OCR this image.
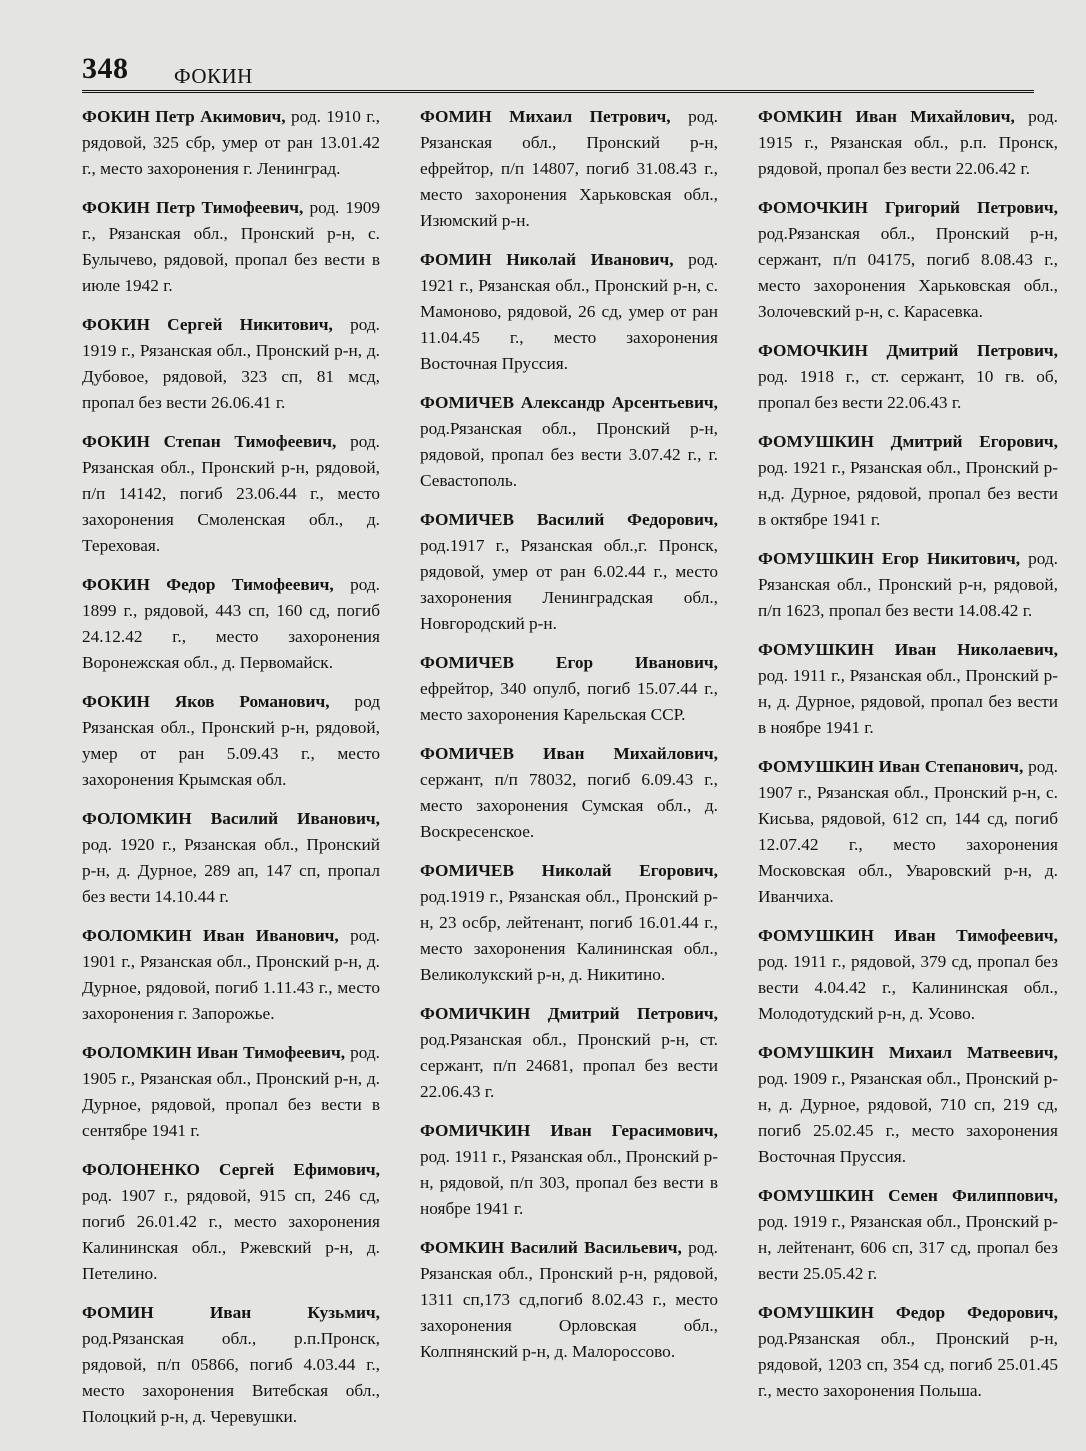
348 ФОКИН

ФОКИН Петр Акимович, род. 1910 г., рядовой, 325 сбр, умер от ран 13.01.42 г., место захоронения г. Ленинград.

ФОКИН Петр Тимофеевич, род. 1909 г., Рязанская обл., Пронский р-н, с. Булычево, рядовой, пропал без вести в июле 1942 г.

ФОКИН Сергей Никитович, род. 1919 г., Рязанская обл., Пронский р-н, д. Дубовое, рядовой, 323 сп, 81 мсд, пропал без вести 26.06.41 г.

ФОКИН Степан Тимофеевич, род. Рязанская обл., Пронский р-н, рядовой, п/п 14142, погиб 23.06.44 г., место захоронения Смоленская обл., д. Тереховая.

ФОКИН Федор Тимофеевич, род. 1899 г., рядовой, 443 сп, 160 сд, погиб 24.12.42 г., место захоронения Воронежская обл., д. Первомайск.

ФОКИН Яков Романович, род Рязанская обл., Пронский р-н, рядовой, умер от ран 5.09.43 г., место захоронения Крымская обл.

ФОЛОМКИН Василий Иванович, род. 1920 г., Рязанская обл., Пронский р-н, д. Дурное, 289 ап, 147 сп, пропал без вести 14.10.44 г.

ФОЛОМКИН Иван Иванович, род. 1901 г., Рязанская обл., Пронский р-н, д. Дурное, рядовой, погиб 1.11.43 г., место захоронения г. Запорожье.

ФОЛОМКИН Иван Тимофеевич, род. 1905 г., Рязанская обл., Пронский р-н, д. Дурное, рядовой, пропал без вести в сентябре 1941 г.

ФОЛОНЕНКО Сергей Ефимович, род. 1907 г., рядовой, 915 сп, 246 сд, погиб 26.01.42 г., место захоронения Калининская обл., Ржевский р-н, д. Петелино.

ФОМИН Иван Кузьмич, род.Рязанская обл., р.п.Пронск, рядовой, п/п 05866, погиб 4.03.44 г., место захоронения Витебская обл., Полоцкий р-н, д. Черевушки.

ФОМИН Михаил Петрович, род. Рязанская обл., Пронский р-н, ефрейтор, п/п 14807, погиб 31.08.43 г., место захоронения Харьковская обл., Изюмский р-н.

ФОМИН Николай Иванович, род. 1921 г., Рязанская обл., Пронский р-н, с. Мамоново, рядовой, 26 сд, умер от ран 11.04.45 г., место захоронения Восточная Пруссия.

ФОМИЧЕВ Александр Арсентьевич, род.Рязанская обл., Пронский р-н, рядовой, пропал без вести 3.07.42 г., г. Севастополь.

ФОМИЧЕВ Василий Федорович, род.1917 г., Рязанская обл.,г. Пронск, рядовой, умер от ран 6.02.44 г., место захоронения Ленинградская обл., Новгородский р-н.

ФОМИЧЕВ Егор Иванович, ефрейтор, 340 опулб, погиб 15.07.44 г., место захоронения Карельская ССР.

ФОМИЧЕВ Иван Михайлович, сержант, п/п 78032, погиб 6.09.43 г., место захоронения Сумская обл., д. Воскресенское.

ФОМИЧЕВ Николай Егорович, род.1919 г., Рязанская обл., Пронский р-н, 23 осбр, лейтенант, погиб 16.01.44 г., место захоронения Калининская обл., Великолукский р-н, д. Никитино.

ФОМИЧКИН Дмитрий Петрович, род.Рязанская обл., Пронский р-н, ст. сержант, п/п 24681, пропал без вести 22.06.43 г.

ФОМИЧКИН Иван Герасимович, род. 1911 г., Рязанская обл., Пронский р-н, рядовой, п/п 303, пропал без вести в ноябре 1941 г.

ФОМКИН Василий Васильевич, род. Рязанская обл., Пронский р-н, рядовой, 1311 сп,173 сд,погиб 8.02.43 г., место захоронения Орловская обл., Колпнянский р-н, д. Малороссово.

ФОМКИН Иван Михайлович, род. 1915 г., Рязанская обл., р.п. Пронск, рядовой, пропал без вести 22.06.42 г.

ФОМОЧКИН Григорий Петрович, род.Рязанская обл., Пронский р-н, сержант, п/п 04175, погиб 8.08.43 г., место захоронения Харьковская обл., Золочевский р-н, с. Карасевка.

ФОМОЧКИН Дмитрий Петрович, род. 1918 г., ст. сержант, 10 гв. об, пропал без вести 22.06.43 г.

ФОМУШКИН Дмитрий Егорович, род. 1921 г., Рязанская обл., Пронский р-н,д. Дурное, рядовой, пропал без вести в октябре 1941 г.

ФОМУШКИН Егор Никитович, род. Рязанская обл., Пронский р-н, рядовой, п/п 1623, пропал без вести 14.08.42 г.

ФОМУШКИН Иван Николаевич, род. 1911 г., Рязанская обл., Пронский р-н, д. Дурное, рядовой, пропал без вести в ноябре 1941 г.

ФОМУШКИН Иван Степанович, род. 1907 г., Рязанская обл., Пронский р-н, с. Кисьва, рядовой, 612 сп, 144 сд, погиб 12.07.42 г., место захоронения Московская обл., Уваровский р-н, д. Иванчиха.

ФОМУШКИН Иван Тимофеевич, род. 1911 г., рядовой, 379 сд, пропал без вести 4.04.42 г., Калининская обл., Молодотудский р-н, д. Усово.

ФОМУШКИН Михаил Матвеевич, род. 1909 г., Рязанская обл., Пронский р-н, д. Дурное, рядовой, 710 сп, 219 сд, погиб 25.02.45 г., место захоронения Восточная Пруссия.

ФОМУШКИН Семен Филиппович, род. 1919 г., Рязанская обл., Пронский р-н, лейтенант, 606 сп, 317 сд, пропал без вести 25.05.42 г.

ФОМУШКИН Федор Федорович, род.Рязанская обл., Пронский р-н, рядовой, 1203 сп, 354 сд, погиб 25.01.45 г., место захоронения Польша.
